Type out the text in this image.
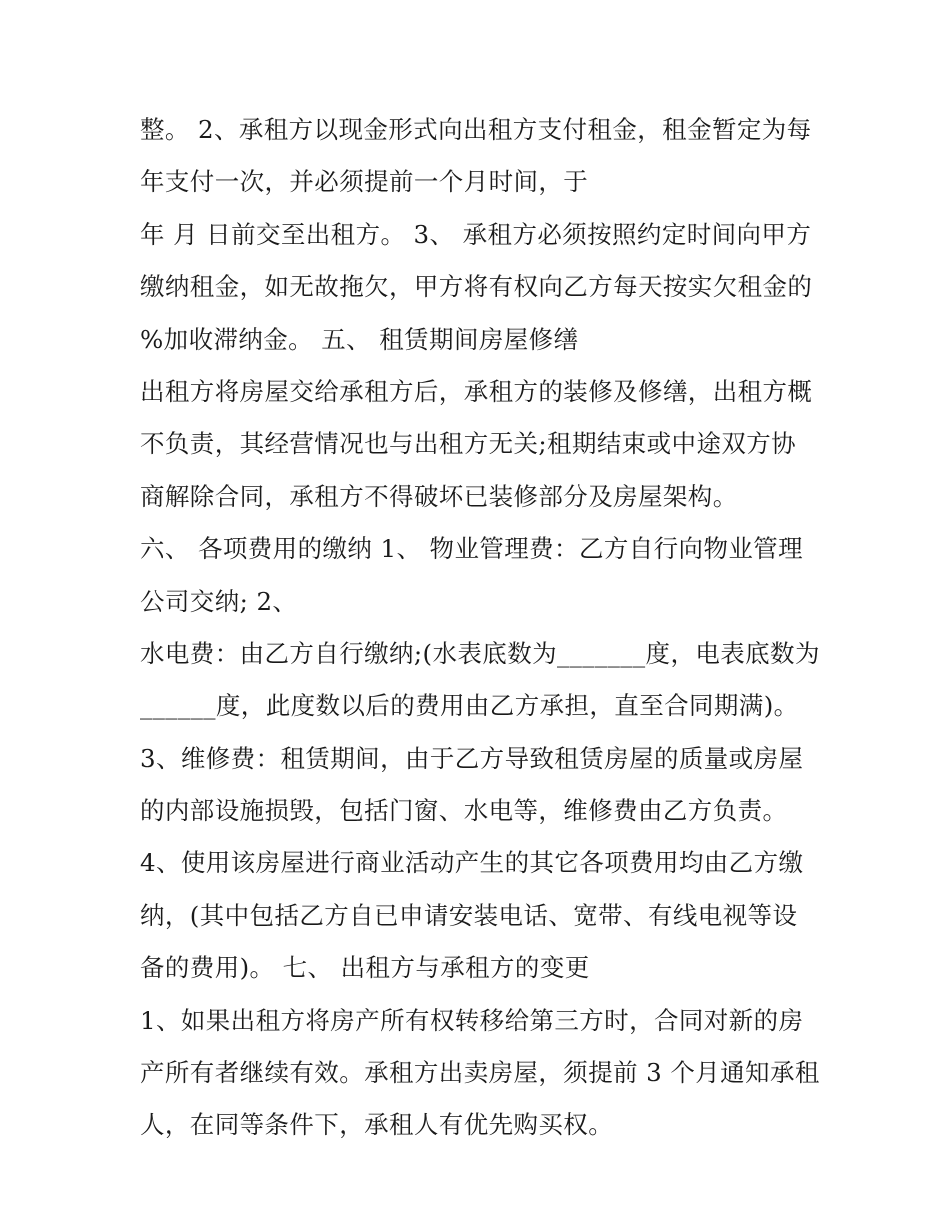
整。 2、承租方以现金形式向出租方支付租金，租金暂定为每
年支付一次，并必须提前一个月时间，于
年 月 日前交至出租方。 3、 承租方必须按照约定时间向甲方
缴纳租金，如无故拖欠，甲方将有权向乙方每天按实欠租金的
%加收滞纳金。 五、 租赁期间房屋修缮
出租方将房屋交给承租方后，承租方的装修及修缮，出租方概
不负责，其经营情况也与出租方无关;租期结束或中途双方协
商解除合同，承租方不得破坏已装修部分及房屋架构。
六、 各项费用的缴纳 1、 物业管理费：乙方自行向物业管理
公司交纳; 2、
水电费：由乙方自行缴纳;(水表底数为_______度，电表底数为
______度，此度数以后的费用由乙方承担，直至合同期满)。
3、维修费：租赁期间，由于乙方导致租赁房屋的质量或房屋
的内部设施损毁，包括门窗、水电等，维修费由乙方负责。
4、使用该房屋进行商业活动产生的其它各项费用均由乙方缴
纳，(其中包括乙方自已申请安装电话、宽带、有线电视等设
备的费用)。 七、 出租方与承租方的变更
1、如果出租方将房产所有权转移给第三方时，合同对新的房
产所有者继续有效。承租方出卖房屋，须提前 3 个月通知承租
人，在同等条件下，承租人有优先购买权。
